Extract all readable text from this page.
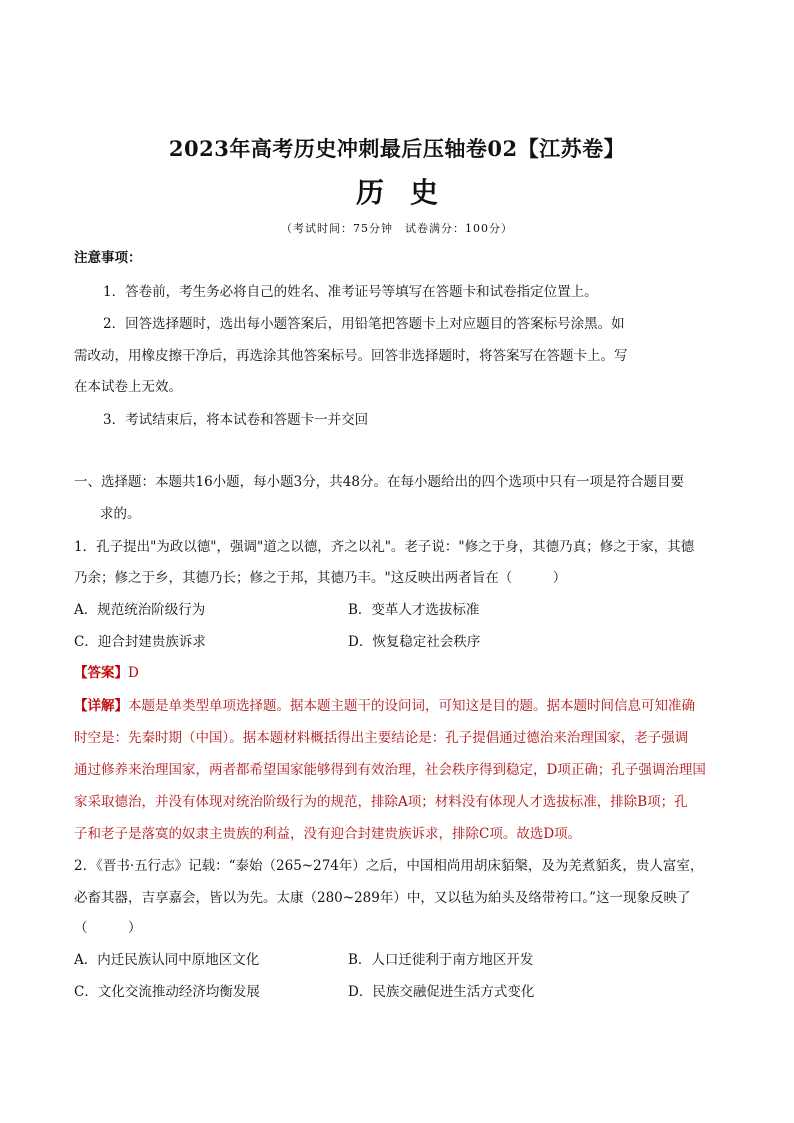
2023年高考历史冲刺最后压轴卷02【江苏卷】
历史
（考试时间：75分钟　试卷满分：100分）
注意事项：
1．答卷前，考生务必将自己的姓名、准考证号等填写在答题卡和试卷指定位置上。
2．回答选择题时，选出每小题答案后，用铅笔把答题卡上对应题目的答案标号涂黑。如
需改动，用橡皮擦干净后，再选涂其他答案标号。回答非选择题时，将答案写在答题卡上。写
在本试卷上无效。
3．考试结束后，将本试卷和答题卡一并交回
一、选择题：本题共16小题，每小题3分，共48分。在每小题给出的四个选项中只有一项是符合题目要
求的。
1．孔子提出"为政以德"，强调"道之以德，齐之以礼"。老子说："修之于身，其德乃真；修之于家，其德
乃余；修之于乡，其德乃长；修之于邦，其德乃丰。"这反映出两者旨在（　　　）
A．规范统治阶级行为	B．变革人才选拔标准
C．迎合封建贵族诉求	D．恢复稳定社会秩序
【答案】D
【详解】本题是单类型单项选择题。据本题主题干的设问词，可知这是目的题。据本题时间信息可知准确
时空是：先秦时期（中国）。据本题材料概括得出主要结论是：孔子提倡通过德治来治理国家，老子强调
通过修养来治理国家，两者都希望国家能够得到有效治理，社会秩序得到稳定，D项正确；孔子强调治理国
家采取德治，并没有体现对统治阶级行为的规范，排除A项；材料没有体现人才选拔标准，排除B项；孔
子和老子是落寞的奴隶主贵族的利益，没有迎合封建贵族诉求，排除C项。故选D项。
2．《晋书·五行志》记载：“泰始（265~274年）之后，中国相尚用胡床貊槃，及为羌煮貊炙，贵人富室，
必畜其器，吉享嘉会，皆以为先。太康（280~289年）中，又以毡为絈头及络带袴口。”这一现象反映了
（　　　）
A．内迁民族认同中原地区文化	B．人口迁徙利于南方地区开发
C．文化交流推动经济均衡发展	D．民族交融促进生活方式变化
